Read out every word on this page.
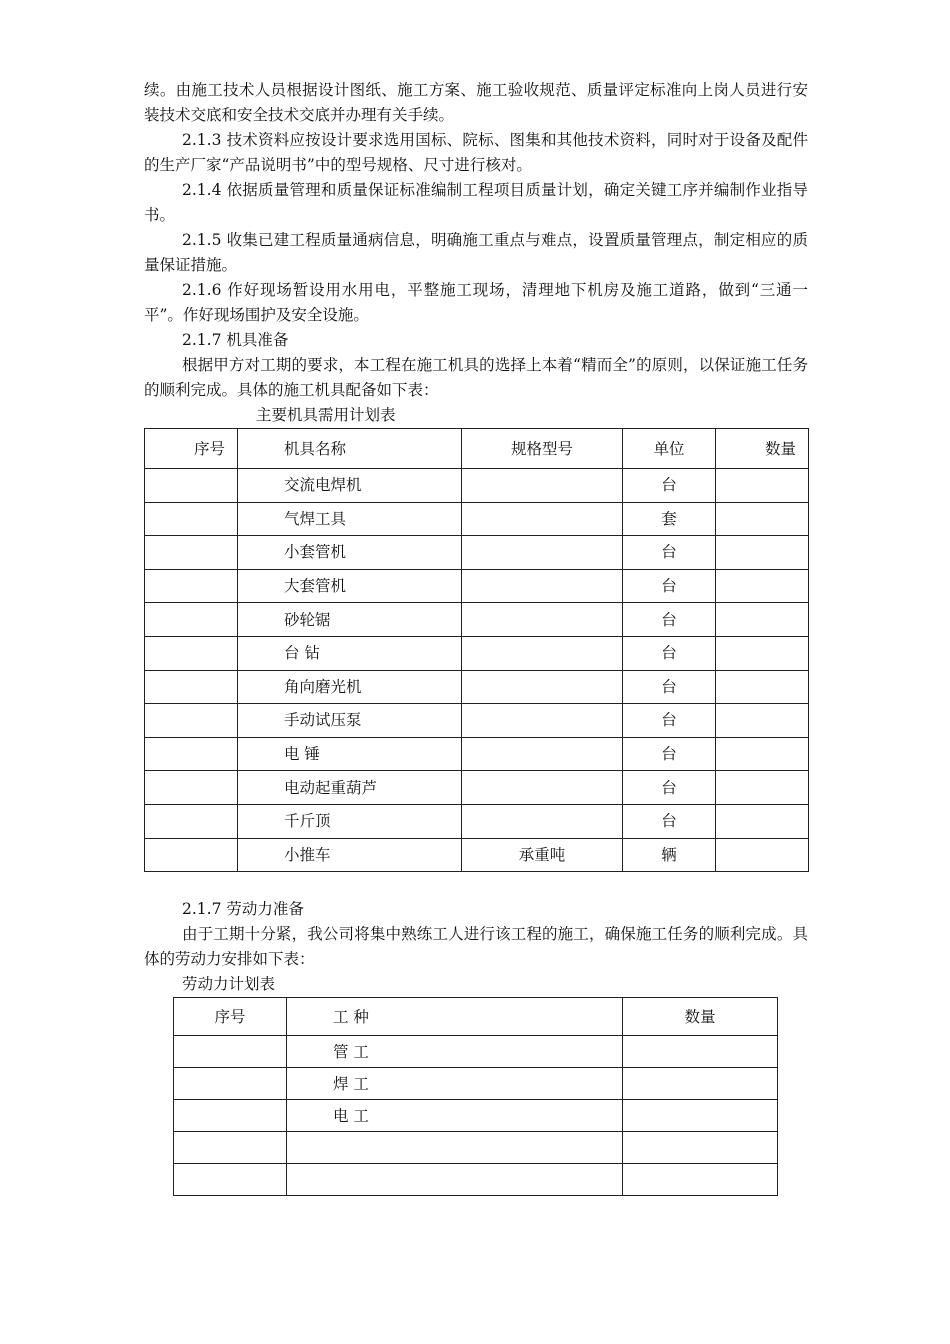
续。由施工技术人员根据设计图纸、施工方案、施工验收规范、质量评定标准向上岗人员进行安装技术交底和安全技术交底并办理有关手续。

2.1.3 技术资料应按设计要求选用国标、院标、图集和其他技术资料，同时对于设备及配件的生产厂家“产品说明书”中的型号规格、尺寸进行核对。

2.1.4 依据质量管理和质量保证标准编制工程项目质量计划，确定关键工序并编制作业指导书。

2.1.5 收集已建工程质量通病信息，明确施工重点与难点，设置质量管理点，制定相应的质量保证措施。

2.1.6 作好现场暂设用水用电，平整施工现场，清理地下机房及施工道路，做到“三通一平”。作好现场围护及安全设施。

2.1.7 机具准备

根据甲方对工期的要求，本工程在施工机具的选择上本着“精而全”的原则，以保证施工任务的顺利完成。具体的施工机具配备如下表：

主要机具需用计划表
序号	机具名称	规格型号	单位	数量
	交流电焊机		台	
	气焊工具		套	
	小套管机		台	
	大套管机		台	
	砂轮锯		台	
	台 钻		台	
	角向磨光机		台	
	手动试压泵		台	
	电 锤		台	
	电动起重葫芦		台	
	千斤顶		台	
	小推车	承重吨	辆	

2.1.7 劳动力准备

由于工期十分紧，我公司将集中熟练工人进行该工程的施工，确保施工任务的顺利完成。具体的劳动力安排如下表：

劳动力计划表
序号	工 种	数量
	管 工	
	焊 工	
	电 工	
